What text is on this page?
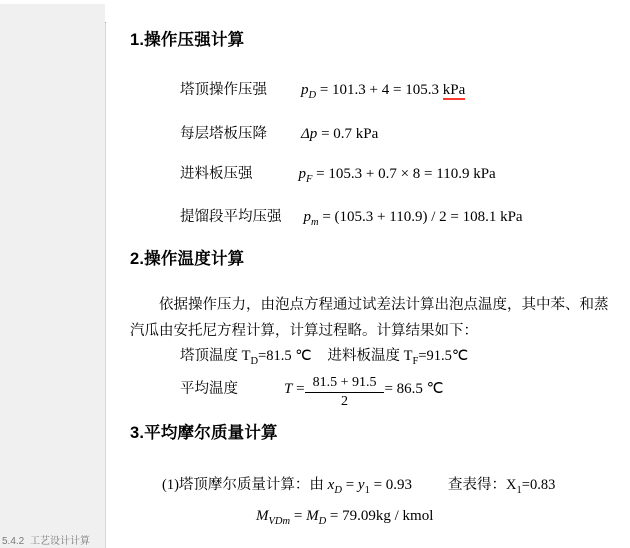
1.操作压强计算
塔顶操作压强 $p_D = 101.3 + 4 = 105.3$ kPa
每层塔板压降 Δp = 0.7 kPa
进料板压强	$p_F = 105.3 + 0.7 \times 8 = 110.9$ kPa
提馏段平均压强 $p_m = (105.3 + 110.9) / 2 = 108.1$ kPa
2.操作温度计算
依据操作压力，由泡点方程通过试差法计算出泡点温度，其中苯、和蒸汽瓜由安托尼方程计算，计算过程略。计算结果如下：
塔顶温度 $T_D=81.5$ ℃ 进料板温度 $T_F=91.5℃$
平均温度	$T = \frac{81.5 + 91.5}{2} = 86.5$ ℃
3.平均摩尔质量计算
(1)塔顶摩尔质量计算：由 $x_D = y_1 = 0.93$ 查表得：$X_1=0.83$
$M_{VDm} = M_D = 79.09kg$ / kmol
5.4.2 工艺设计计算
